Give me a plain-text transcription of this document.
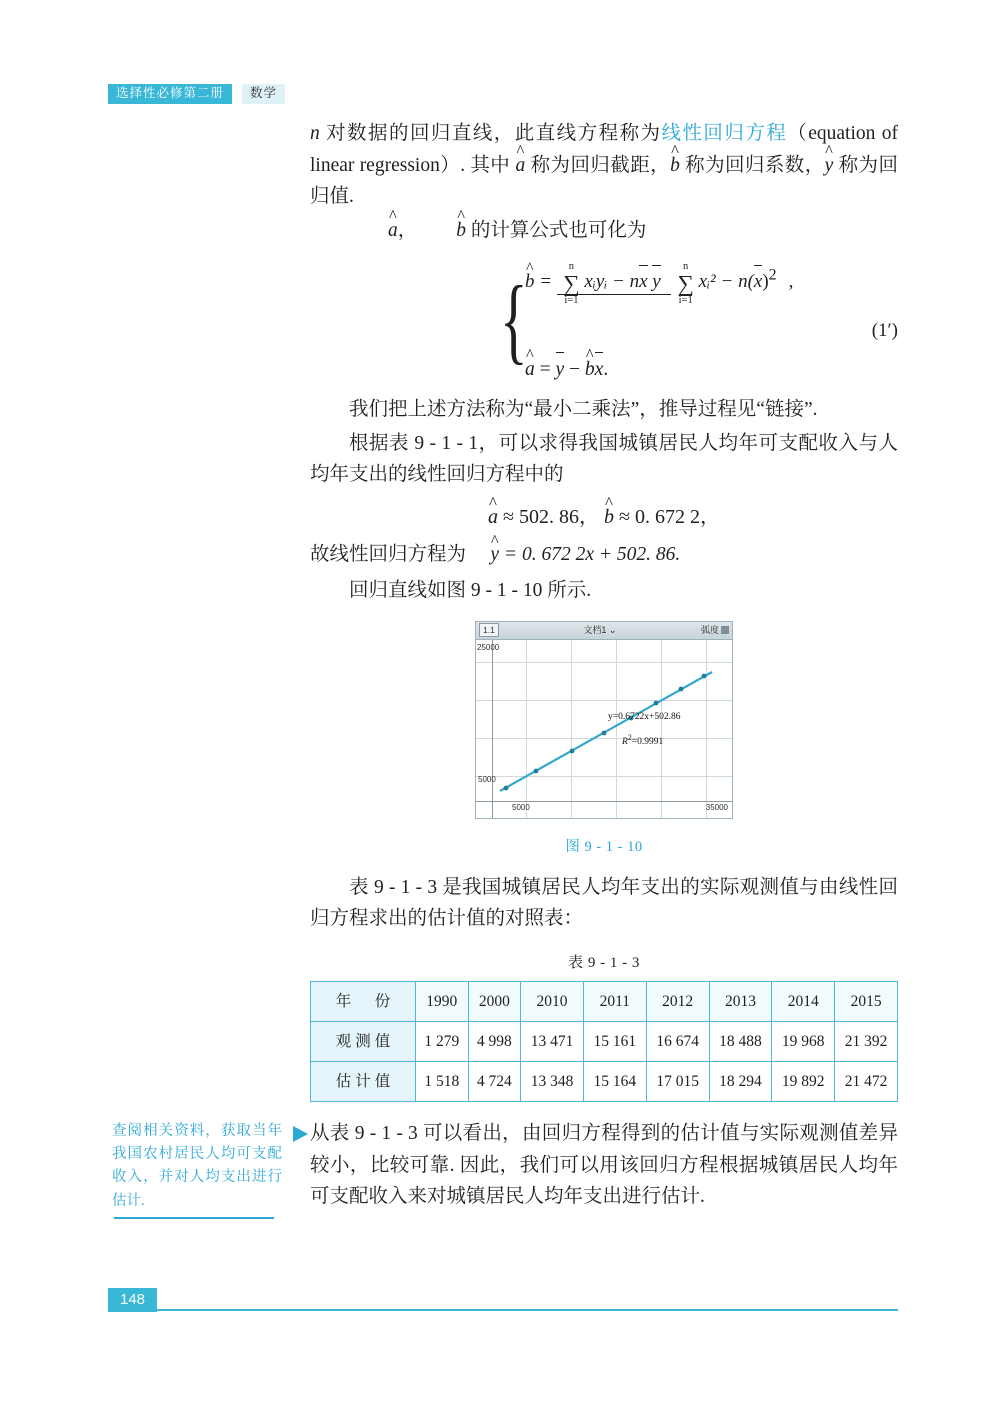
选择性必修第二册	数学

n 对数据的回归直线，此直线方程称为线性回归方程（equation of linear regression）. 其中 a ^ 称为回归截距，b ^ 称为回归系数，y ^ 称为回归值.

a ^， b ^ 的计算公式也可化为

{
b ^ =
n
∑
i=1
xᵢyᵢ − nx y
n
∑
i=1
xᵢ² − $n(x)^2$ ,
a ^ = y − b ^x.
(1′)

我们把上述方法称为“最小二乘法”，推导过程见“链接”.

根据表 9 - 1 - 1，可以求得我国城镇居民人均年可支配收入与人均年支出的线性回归方程中的

a ^ ≈ 502. 86， b ^ ≈ 0. 672 2，
故线性回归方程为 y ^ = 0. 672 2x + 502. 86.

回归直线如图 9 - 1 - 10 所示.

1.1	文档1 ⌄	弧度
25000
5000
5000	35000
y=0.6722x+502.86
$R^2=0.9991$
图 9 - 1 - 10

表 9 - 1 - 3 是我国城镇居民人均年支出的实际观测值与由线性回归方程求出的估计值的对照表：

表 9 - 1 - 3
年　份	1990	2000	2010	2011	2012	2013	2014	2015
观测值	1 279	4 998	13 471	15 161	16 674	18 488	19 968	21 392
估计值	1 518	4 724	13 348	15 164	17 015	18 294	19 892	21 472
查阅相关资料，获取当年我国农村居民人均可支配收入，并对人均支出进行估计.
从表 9 - 1 - 3 可以看出，由回归方程得到的估计值与实际观测值差异较小，比较可靠. 因此，我们可以用该回归方程根据城镇居民人均年可支配收入来对城镇居民人均年支出进行估计.
148
